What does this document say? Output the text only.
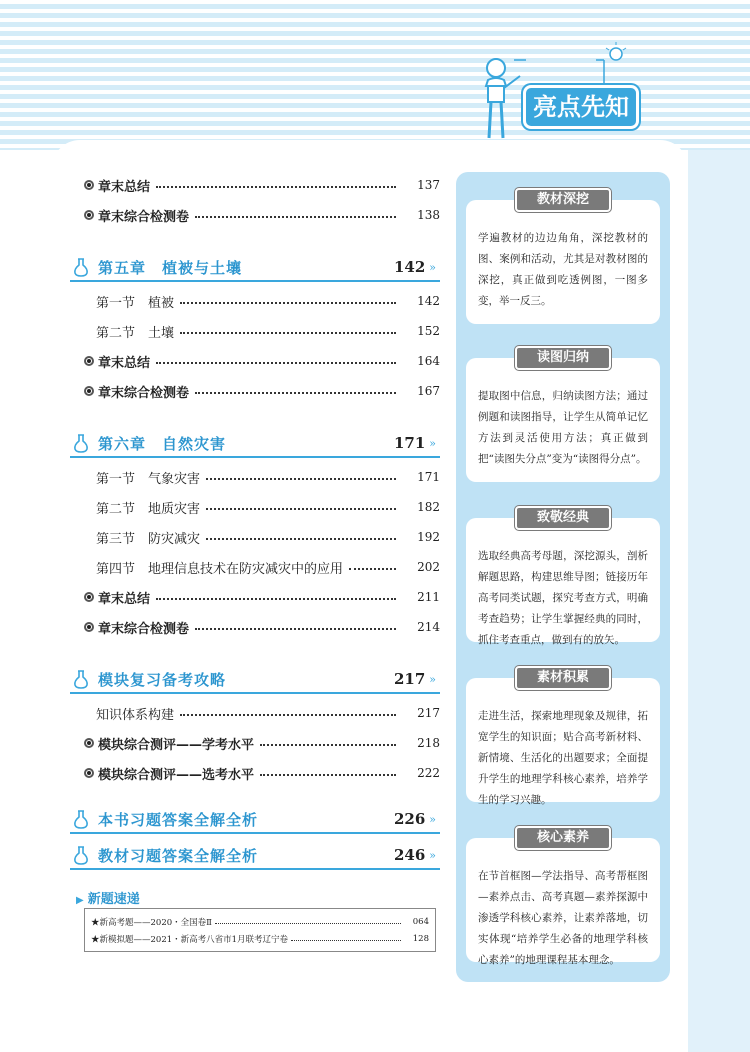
亮点先知
章末总结	137
章末综合检测卷	138
第五章　植被与土壤	142 »
第一节　植被	142
第二节　土壤	152
章末总结	164
章末综合检测卷	167
第六章　自然灾害	171 »
第一节　气象灾害	171
第二节　地质灾害	182
第三节　防灾减灾	192
第四节　地理信息技术在防灾减灾中的应用	202
章末总结	211
章末综合检测卷	214
模块复习备考攻略	217 »
知识体系构建	217
模块综合测评——学考水平	218
模块综合测评——选考水平	222
本书习题答案全解全析	226 »
教材习题答案全解全析	246 »
▶ 新题速递
★新高考题——2020・全国卷Ⅱ	064
★新模拟题——2021・新高考八省市1月联考辽宁卷	128
教材深挖
学遍教材的边边角角，深挖教材的图、案例和活动，尤其是对教材图的深挖，真正做到吃透例图，一图多变，举一反三。
读图归纳
提取图中信息，归纳读图方法；通过例题和读图指导，让学生从简单记忆方法到灵活使用方法；真正做到把“读图失分点”变为“读图得分点”。
致敬经典
选取经典高考母题，深挖源头，剖析解题思路，构建思维导图；链接历年高考同类试题，探究考查方式，明确考查趋势；让学生掌握经典的同时，抓住考查重点，做到有的放矢。
素材积累
走进生活，探索地理现象及规律，拓宽学生的知识面；贴合高考新材料、新情境、生活化的出题要求；全面提升学生的地理学科核心素养，培养学生的学习兴趣。
核心素养
在节首框图—学法指导、高考帮框图—素养点击、高考真题—素养探源中渗透学科核心素养，让素养落地，切实体现“培养学生必备的地理学科核心素养”的地理课程基本理念。
